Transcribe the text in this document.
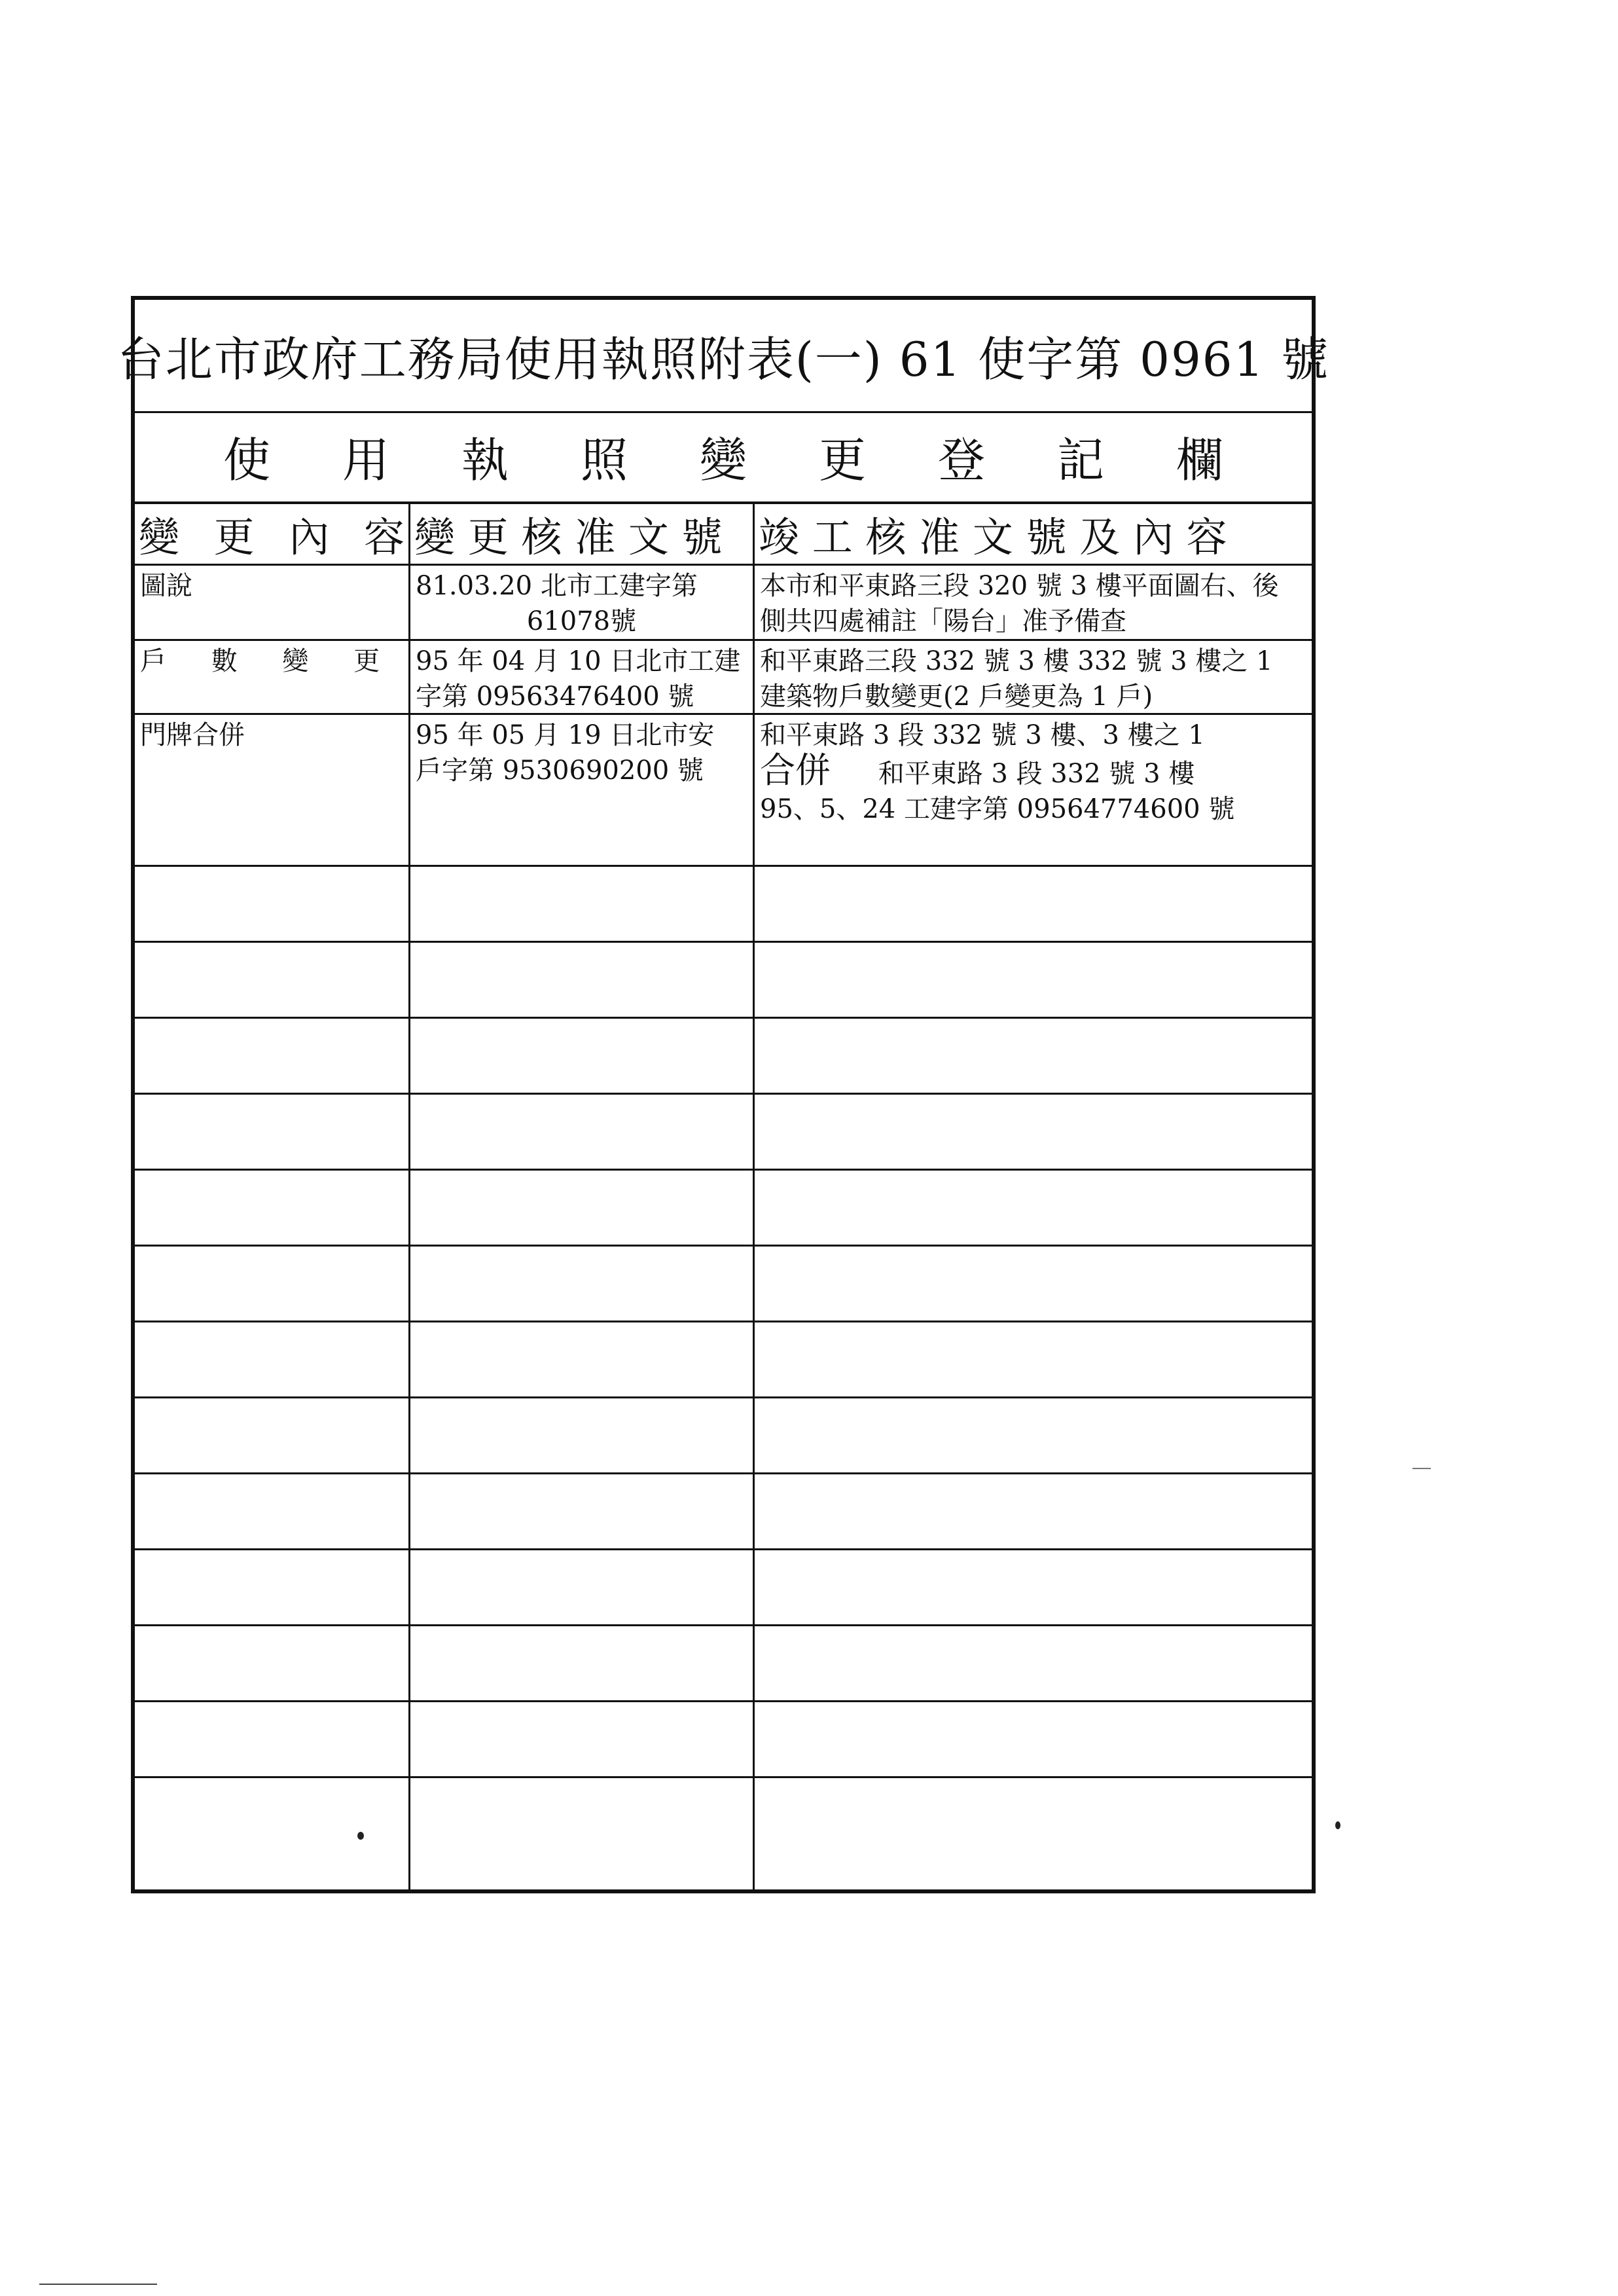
台北市政府工務局使用執照附表(一) 61 使字第 0961 號
使 用 執 照 變 更 登 記 欄
變 更 內 容 變 更 核 准 文 號 竣 工 核 准 文 號 及 內 容
圖說	81.03.20 北市工建字第
61078號
本市和平東路三段 320 號 3 樓平面圖右、後
側共四處補註「陽台」准予備查
戶 數 變 更 95 年 04 月 10 日北市工建
字第 09563476400 號
和平東路三段 332 號 3 樓 332 號 3 樓之 1
建築物戶數變更(2 戶變更為 1 戶)
門牌合併	95 年 05 月 19 日北市安
戶字第 9530690200 號
和平東路 3 段 332 號 3 樓、3 樓之 1
合併 和平東路 3 段 332 號 3 樓
95、5、24 工建字第 09564774600 號
